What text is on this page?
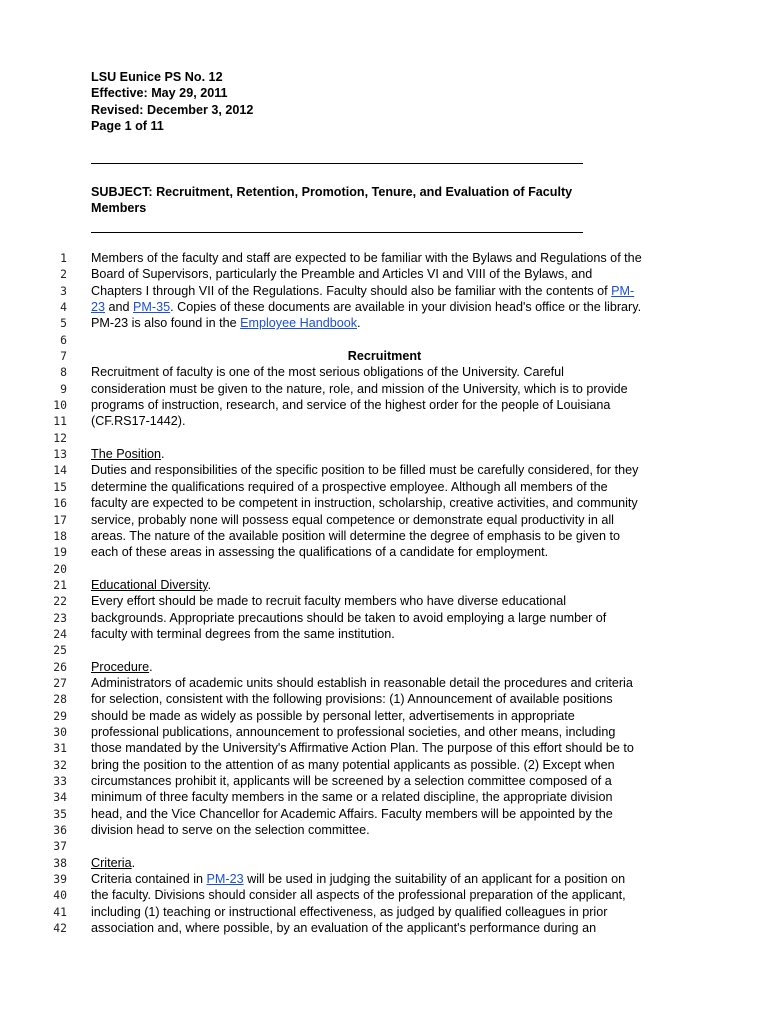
LSU Eunice PS No. 12
Effective: May 29, 2011
Revised: December 3, 2012
Page 1 of 11
SUBJECT: Recruitment, Retention, Promotion, Tenure, and Evaluation of Faculty
Members
1 Members of the faculty and staff are expected to be familiar with the Bylaws and Regulations of the
2 Board of Supervisors, particularly the Preamble and Articles VI and VIII of the Bylaws, and
3 Chapters I through VII of the Regulations. Faculty should also be familiar with the contents of PM-
4 23 and PM-35. Copies of these documents are available in your division head's office or the library.
5 PM-23 is also found in the Employee Handbook.
6
7	Recruitment
8 Recruitment of faculty is one of the most serious obligations of the University. Careful
9 consideration must be given to the nature, role, and mission of the University, which is to provide
10 programs of instruction, research, and service of the highest order for the people of Louisiana
11 (CF.RS17-1442).
12
13 The Position.
14 Duties and responsibilities of the specific position to be filled must be carefully considered, for they
15 determine the qualifications required of a prospective employee. Although all members of the
16 faculty are expected to be competent in instruction, scholarship, creative activities, and community
17 service, probably none will possess equal competence or demonstrate equal productivity in all
18 areas. The nature of the available position will determine the degree of emphasis to be given to
19 each of these areas in assessing the qualifications of a candidate for employment.
20
21 Educational Diversity.
22 Every effort should be made to recruit faculty members who have diverse educational
23 backgrounds. Appropriate precautions should be taken to avoid employing a large number of
24 faculty with terminal degrees from the same institution.
25
26 Procedure.
27 Administrators of academic units should establish in reasonable detail the procedures and criteria
28 for selection, consistent with the following provisions: (1) Announcement of available positions
29 should be made as widely as possible by personal letter, advertisements in appropriate
30 professional publications, announcement to professional societies, and other means, including
31 those mandated by the University's Affirmative Action Plan. The purpose of this effort should be to
32 bring the position to the attention of as many potential applicants as possible. (2) Except when
33 circumstances prohibit it, applicants will be screened by a selection committee composed of a
34 minimum of three faculty members in the same or a related discipline, the appropriate division
35 head, and the Vice Chancellor for Academic Affairs. Faculty members will be appointed by the
36 division head to serve on the selection committee.
37
38 Criteria.
39 Criteria contained in PM-23 will be used in judging the suitability of an applicant for a position on
40 the faculty. Divisions should consider all aspects of the professional preparation of the applicant,
41 including (1) teaching or instructional effectiveness, as judged by qualified colleagues in prior
42 association and, where possible, by an evaluation of the applicant's performance during an
